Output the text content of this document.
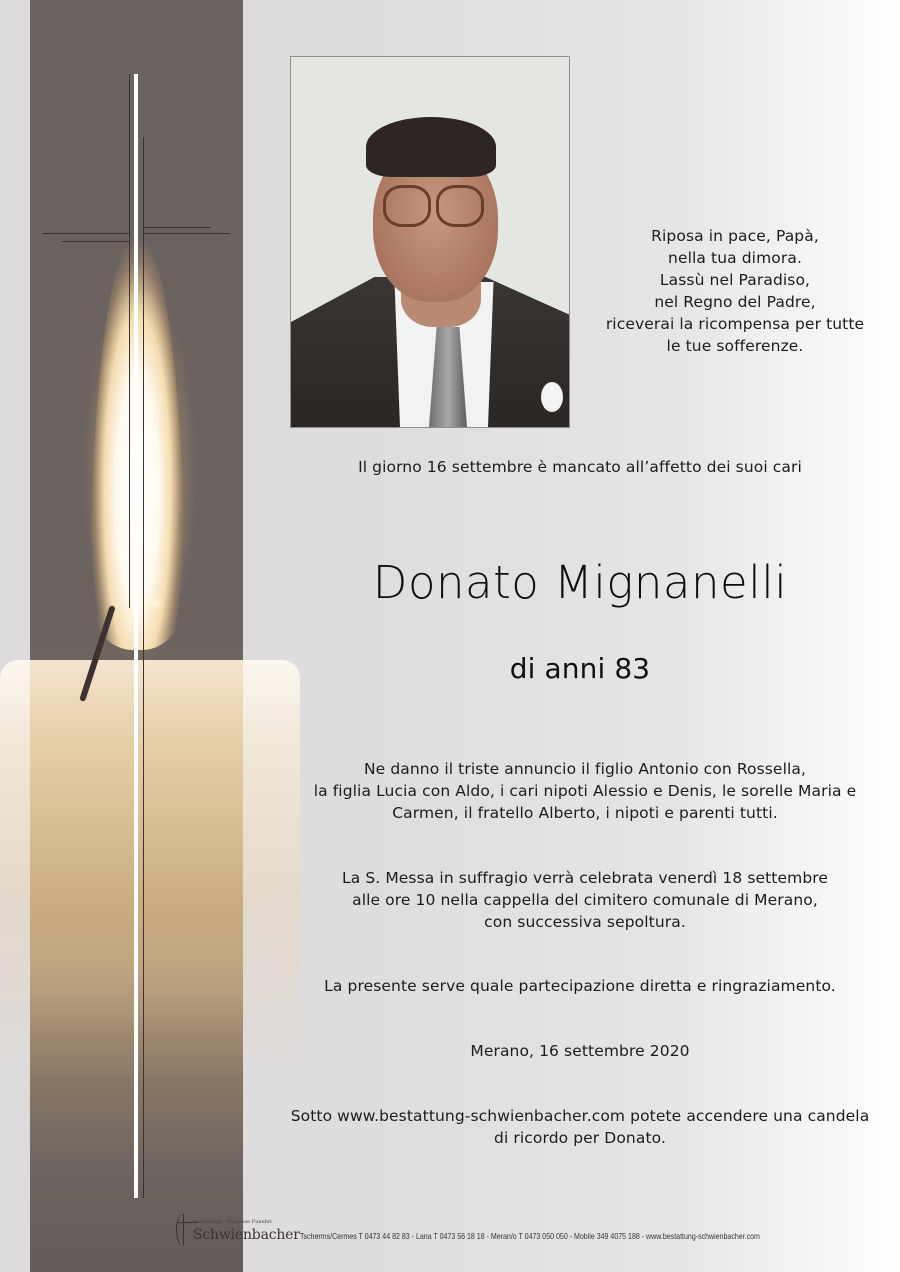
Riposa in pace, Papà,
nella tua dimora.
Lassù nel Paradiso,
nel Regno del Padre,
riceverai la ricompensa per tutte
le tue sofferenze.
Il giorno 16 settembre è mancato all’affetto dei suoi cari
Donato Mignanelli
di anni 83
Ne danno il triste annuncio il figlio Antonio con Rossella,
la figlia Lucia con Aldo, i cari nipoti Alessio e Denis, le sorelle Maria e
Carmen, il fratello Alberto, i nipoti e parenti tutti.
La S. Messa in suffragio verrà celebrata venerdì 18 settembre
alle ore 10 nella cappella del cimitero comunale di Merano,
con successiva sepoltura.
La presente serve quale partecipazione diretta e ringraziamento.
Merano, 16 settembre 2020
Sotto www.bestattung-schwienbacher.com potete accendere una candela
di ricordo per Donato.
Bestattung · Onoranze Funebri
Schwienbacher Tscherms/Cermes T 0473 44 82 83 - Lana T 0473 56 18 18 - Meran/o T 0473 050 050 - Mobile 349 4075 188 - www.bestattung-schwienbacher.com
